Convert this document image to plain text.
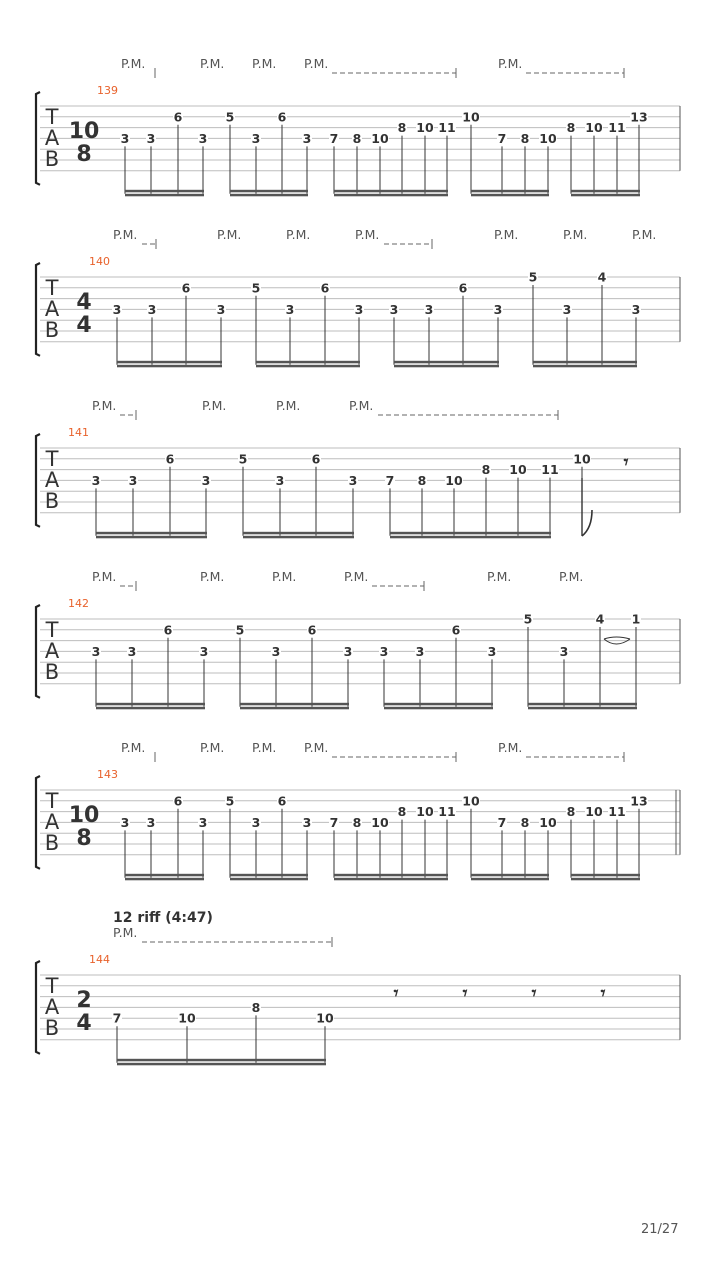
T
A
B
10
8
139
P.M.	P.M. P.M. P.M.	P.M.
3 3
6
3
5
3
6
3 7 8 10
8 10 11
10
7 8 10
8 10 11
13
T
A
B
4
4
140
P.M.	P.M.	P.M.	P.M.	P.M.	P.M.	P.M.
3 3
6
3
5
3
6
3 3 3
6
3
5
3
4
3
T
A
B
141
P.M.	P.M.	P.M.	P.M.
3 3
6
3
5
3
6
3 7 8 10
8 10 11
10 𝄾
T
A
B
142
P.M.	P.M.	P.M.	P.M.	P.M.	P.M.
3 3
6
3
5
3
6
3 3 3
6
3
5
3
4 1
T
A
B
10
8
143
P.M.	P.M. P.M. P.M.	P.M.
3 3
6
3
5
3
6
3 7 8 10
8 10 11
10
7 8 10
8 10 11
13
T
A
B
2
4
144
12 riff (4:47)
P.M.
7	10
8
10
𝄾	𝄾	𝄾	𝄾
21/27
